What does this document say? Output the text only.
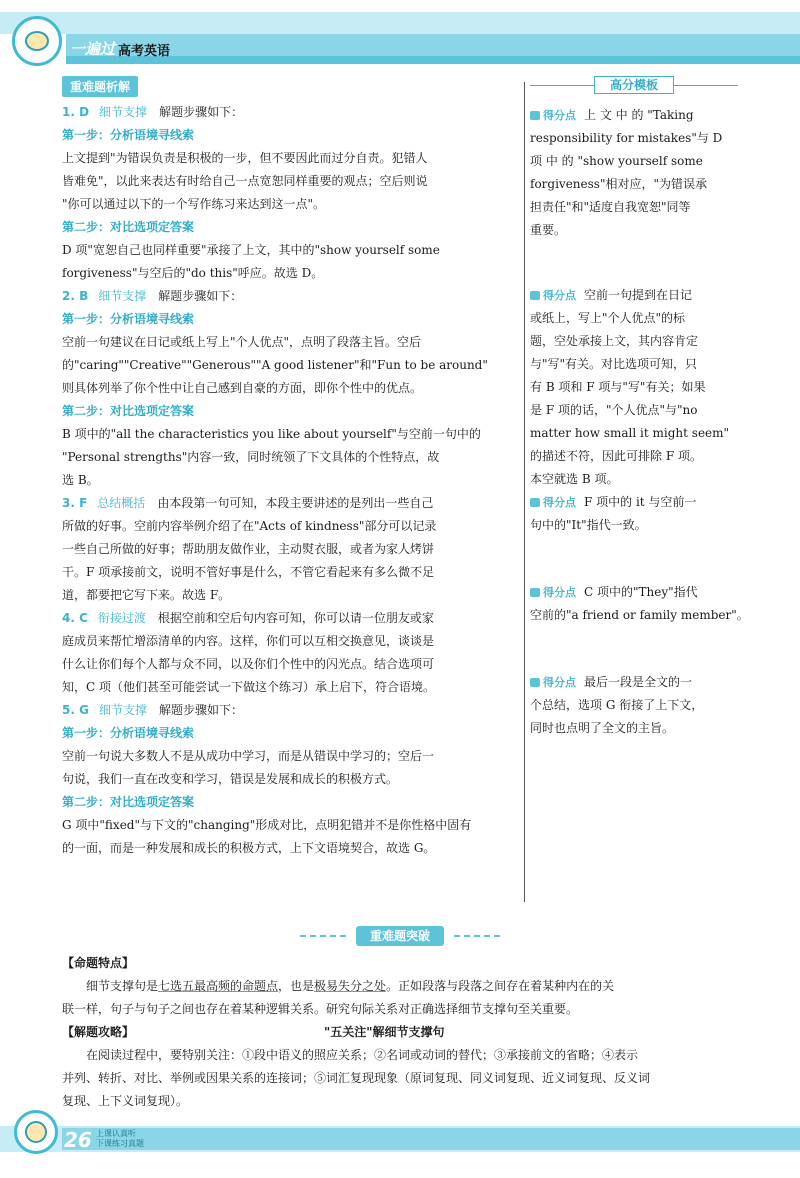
一遍过 高考英语
重难题析解
1. D 细节支撑 解题步骤如下：
第一步：分析语境寻线索
上文提到"为错误负责是积极的一步，但不要因此而过分自责。犯错人
皆难免"，以此来表达有时给自己一点宽恕同样重要的观点；空后则说
"你可以通过以下的一个写作练习来达到这一点"。
第二步：对比选项定答案
D 项"宽恕自己也同样重要"承接了上文，其中的"show yourself some
forgiveness"与空后的"do this"呼应。故选 D。
2. B 细节支撑 解题步骤如下：
第一步：分析语境寻线索
空前一句建议在日记或纸上写上"个人优点"，点明了段落主旨。空后
的"caring""Creative""Generous""A good listener"和"Fun to be around"
则具体列举了你个性中让自己感到自豪的方面，即你个性中的优点。
第二步：对比选项定答案
B 项中的"all the characteristics you like about yourself"与空前一句中的
"Personal strengths"内容一致，同时统领了下文具体的个性特点，故
选 B。
3. F 总结概括 由本段第一句可知，本段主要讲述的是列出一些自己
所做的好事。空前内容举例介绍了在"Acts of kindness"部分可以记录
一些自己所做的好事；帮助朋友做作业，主动熨衣服，或者为家人烤饼
干。F 项承接前文，说明不管好事是什么，不管它看起来有多么微不足
道，都要把它写下来。故选 F。
4. C 衔接过渡 根据空前和空后句内容可知，你可以请一位朋友或家
庭成员来帮忙增添清单的内容。这样，你们可以互相交换意见，谈谈是
什么让你们每个人都与众不同，以及你们个性中的闪光点。结合选项可
知，C 项（他们甚至可能尝试一下做这个练习）承上启下，符合语境。
5. G 细节支撑 解题步骤如下：
第一步：分析语境寻线索
空前一句说大多数人不是从成功中学习，而是从错误中学习的；空后一
句说，我们一直在改变和学习，错误是发展和成长的积极方式。
第二步：对比选项定答案
G 项中"fixed"与下文的"changing"形成对比，点明犯错并不是你性格中固有
的一面，而是一种发展和成长的积极方式，上下文语境契合，故选 G。
高分模板
得分点 上 文 中 的 "Taking
responsibility for mistakes"与 D
项 中 的 "show yourself some
forgiveness"相对应，"为错误承
担责任"和"适度自我宽恕"同等
重要。
得分点 空前一句提到在日记
或纸上，写上"个人优点"的标
题，空处承接上文，其内容肯定
与"写"有关。对比选项可知，只
有 B 项和 F 项与"写"有关；如果
是 F 项的话，"个人优点"与"no
matter how small it might seem"
的描述不符，因此可排除 F 项。
本空就选 B 项。
得分点 F 项中的 it 与空前一
句中的"It"指代一致。
得分点 C 项中的"They"指代
空前的"a friend or family member"。
得分点 最后一段是全文的一
个总结，选项 G 衔接了上下文，
同时也点明了全文的主旨。
重难题突破
【命题特点】
细节支撑句是七选五最高频的命题点，也是极易失分之处。正如段落与段落之间存在着某种内在的关
联一样，句子与句子之间也存在着某种逻辑关系。研究句际关系对正确选择细节支撑句至关重要。
【解题攻略】	"五关注"解细节支撑句
在阅读过程中，要特别关注：①段中语义的照应关系；②名词或动词的替代；③承接前文的省略；④表示
并列、转折、对比、举例或因果关系的连接词；⑤词汇复现现象（原词复现、同义词复现、近义词复现、反义词
复现、上下义词复现）。
26 上课认真听
下课练习真题
